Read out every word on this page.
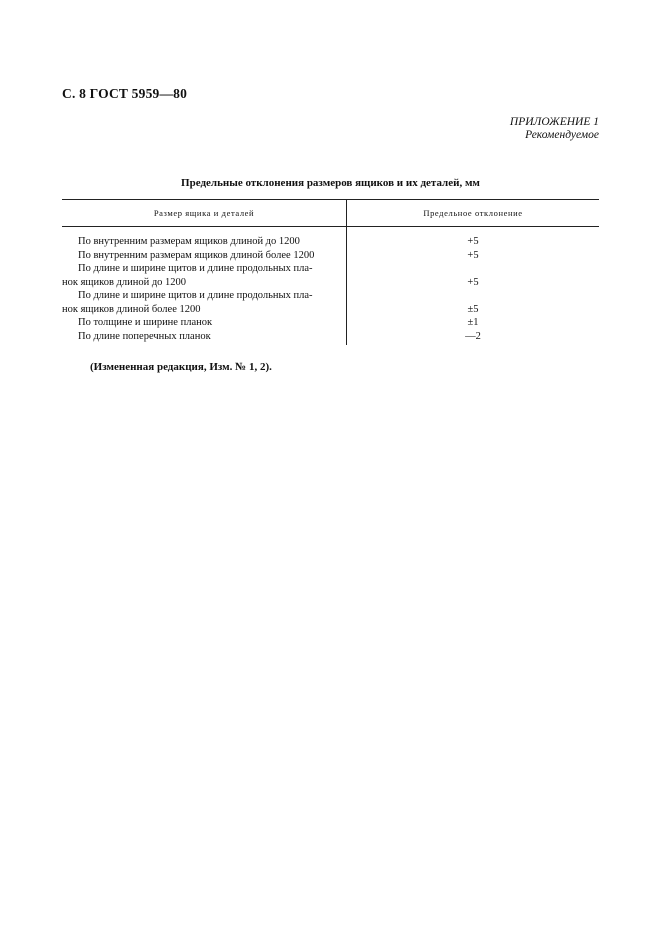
С. 8 ГОСТ 5959—80
ПРИЛОЖЕНИЕ 1
Рекомендуемое
Предельные отклонения размеров ящиков и их деталей, мм
Размер ящика и деталей	Предельное отклонение
По внутренним размерам ящиков длиной до 1200	+5
По внутренним размерам ящиков длиной более 1200	+5
По длине и ширине щитов и длине продольных пла-
нок ящиков длиной до 1200	+5
По длине и ширине щитов и длине продольных пла-
нок ящиков длиной более 1200	±5
По толщине и ширине планок	±1
По длине поперечных планок	—2
(Измененная редакция, Изм. № 1, 2).
